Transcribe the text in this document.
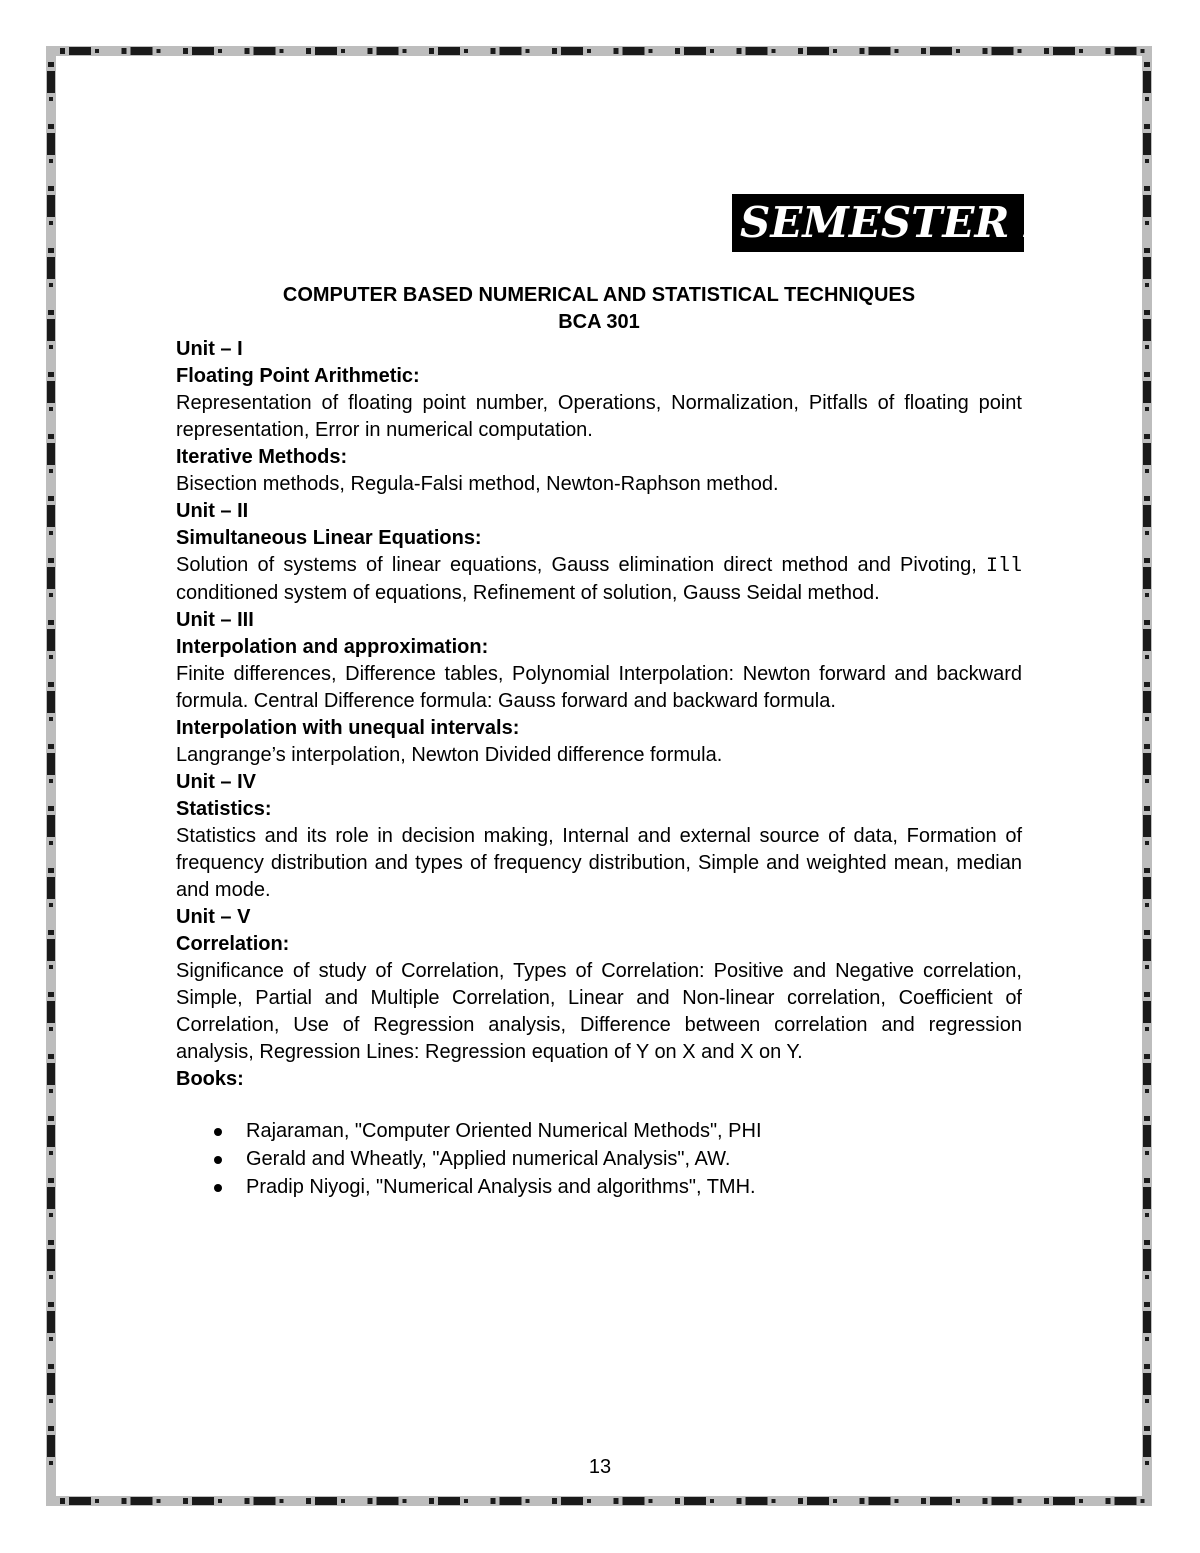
SEMESTER III

COMPUTER BASED NUMERICAL AND STATISTICAL TECHNIQUES

BCA 301

Unit – I

Floating Point Arithmetic:

Representation of floating point number, Operations, Normalization, Pitfalls of floating point representation, Error in numerical computation.

Iterative Methods:

Bisection methods, Regula-Falsi method, Newton-Raphson method.

Unit – II

Simultaneous Linear Equations:

Solution of systems of linear equations, Gauss elimination direct method and Pivoting, Ill conditioned system of equations, Refinement of solution, Gauss Seidal method.

Unit – III

Interpolation and approximation:

Finite differences, Difference tables, Polynomial Interpolation: Newton forward and backward formula. Central Difference formula: Gauss forward and backward formula.

Interpolation with unequal intervals:

Langrange’s interpolation, Newton Divided difference formula.

Unit – IV

Statistics:

Statistics and its role in decision making, Internal and external source of data, Formation of frequency distribution and types of frequency distribution, Simple and weighted mean, median and mode.

Unit – V

Correlation:

Significance of study of Correlation, Types of Correlation: Positive and Negative correlation, Simple, Partial and Multiple Correlation, Linear and Non-linear correlation, Coefficient of Correlation, Use of Regression analysis, Difference between correlation and regression analysis, Regression Lines: Regression equation of Y on X and X on Y.

Books:

Rajaraman, "Computer Oriented Numerical Methods", PHI
Gerald and Wheatly, "Applied numerical Analysis", AW.
Pradip Niyogi, "Numerical Analysis and algorithms", TMH.
13
